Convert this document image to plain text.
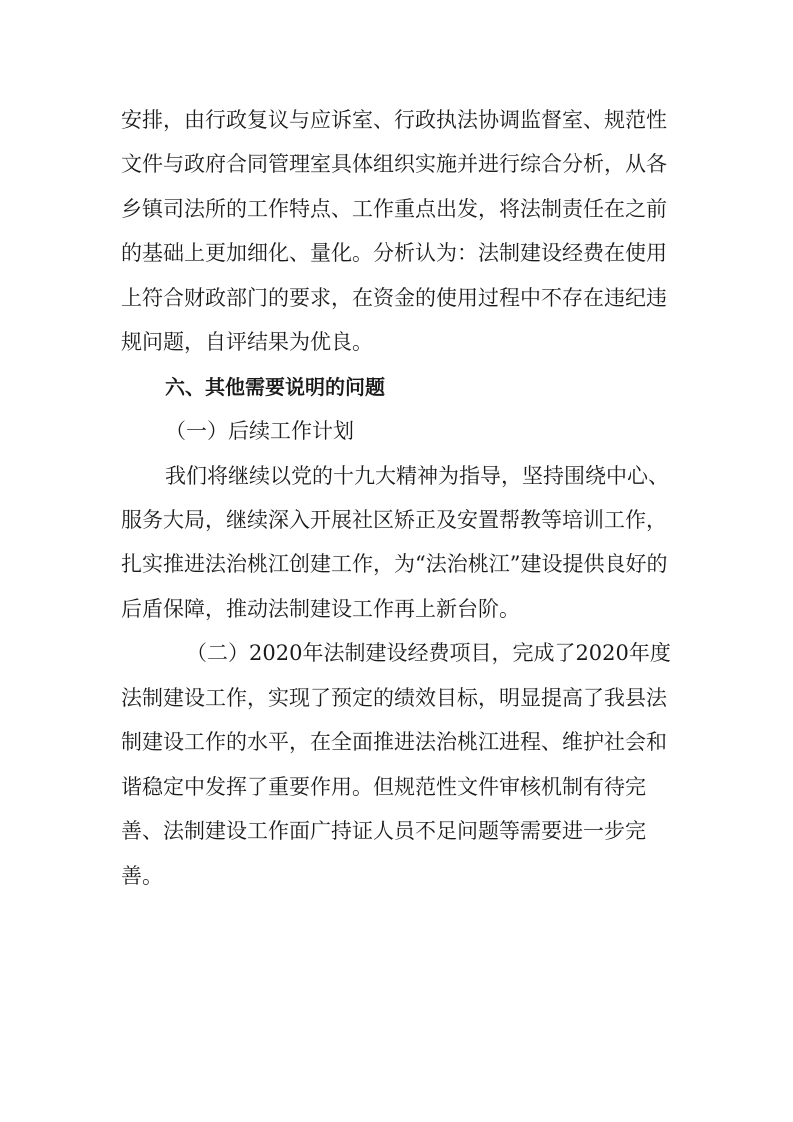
安排，由行政复议与应诉室、行政执法协调监督室、规范性
文件与政府合同管理室具体组织实施并进行综合分析，从各
乡镇司法所的工作特点、工作重点出发，将法制责任在之前
的基础上更加细化、量化。分析认为：法制建设经费在使用
上符合财政部门的要求，在资金的使用过程中不存在违纪违
规问题，自评结果为优良。
六、其他需要说明的问题
（一）后续工作计划
我们将继续以党的十九大精神为指导，坚持围绕中心、
服务大局，继续深入开展社区矫正及安置帮教等培训工作，
扎实推进法治桃江创建工作，为“法治桃江”建设提供良好的
后盾保障，推动法制建设工作再上新台阶。
（二）2020年法制建设经费项目，完成了2020年度
法制建设工作，实现了预定的绩效目标，明显提高了我县法
制建设工作的水平，在全面推进法治桃江进程、维护社会和
谐稳定中发挥了重要作用。但规范性文件审核机制有待完
善、法制建设工作面广持证人员不足问题等需要进一步完
善。
